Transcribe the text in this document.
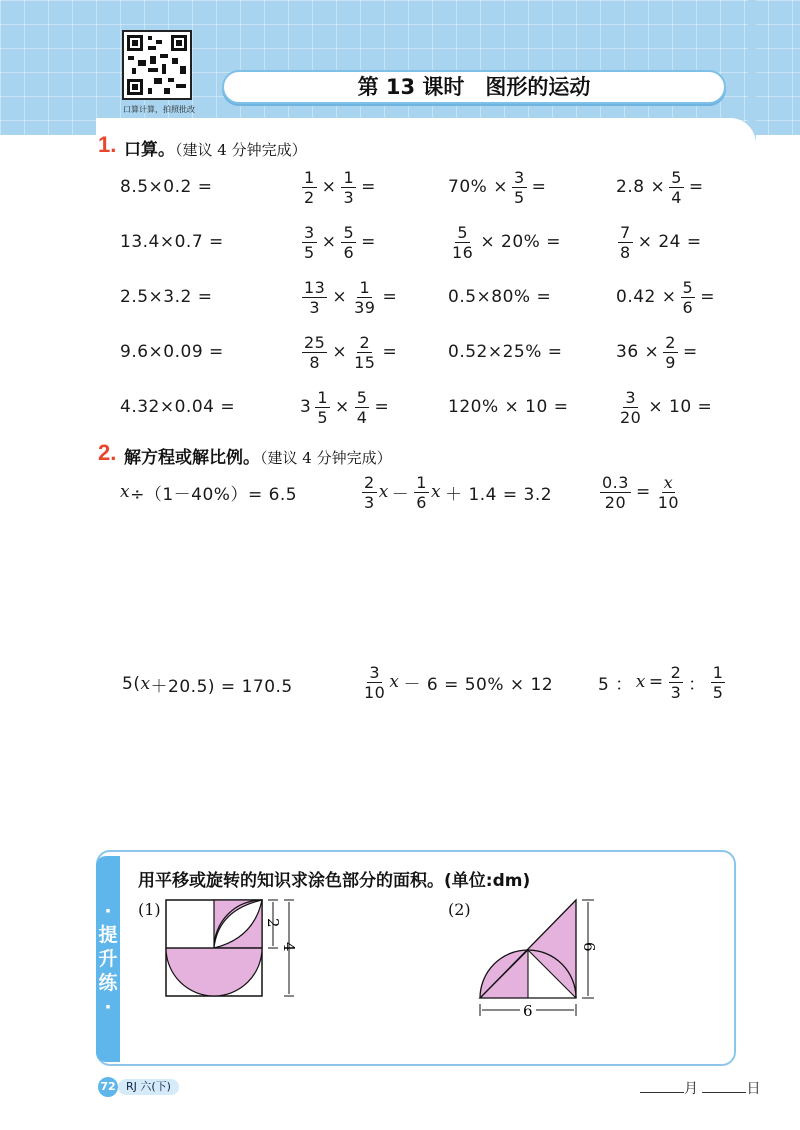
口算计算，拍照批改
第 13 课时　图形的运动
1. 口算。（建议 4 分钟完成）
8.5×0.2 =	$\frac{1}{2} \times \frac{1}{3}$ =	$70\% \times \frac{3}{5}$ =	$2.8 \times \frac{5}{4}$ =
13.4×0.7 =	$\frac{3}{5} \times \frac{5}{6}$ =	$\frac{5}{16} \times 20\%$ =	$\frac{7}{8} \times 24$ =
2.5×3.2 =	$\frac{13}{3} \times \frac{1}{39}$ =	0.5×80% =	$0.42 \times \frac{5}{6}$ =
9.6×0.09 =	$\frac{25}{8} \times \frac{2}{15}$ =	0.52×25% =	$36 \times \frac{2}{9}$ =
4.32×0.04 =	$3 \frac{1}{5} \times \frac{5}{4}$ =	120% × 10 =	$\frac{3}{20} \times 10$ =
2. 解方程或解比例。（建议 4 分钟完成）
x ÷（1－40%）= 6.5	$\frac{2}{3}$ $x - \frac{1}{6}$ x ＋ 1.4 = 3.2	$\frac{0.3}{20} = \frac{x}{10}$
5( x ＋20.5) = 170.5	$\frac{3}{10}$ x － 6 = 50% × 12	5 ： $x = \frac{2}{3}$ ： $\frac{1}{5}$
·
提
升
练
·
用平移或旋转的知识求涂色部分的面积。(单位:dm)
(1)
2
4
(2)
6
6
72 RJ 六(下)	月	日
